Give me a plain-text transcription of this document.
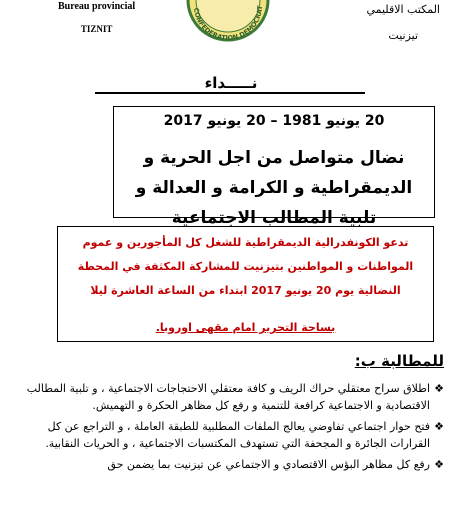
Bureau provincial
TIZNIT
CONFEDERATION DEMOCRAT	المكتب الاقليمي
تيزنيت
نـــــداء
20 يونيو 1981 – 20 يونيو 2017
نضال متواصل من اجل الحرية و الديمقراطية و الكرامة و العدالة و تلبية المطالب الاجتماعية
تدعو الكونفدرالية الديمقراطية للشغل كل المأجورين و عموم المواطنات و المواطنين بتيزنيت للمشاركة المكثفة في المحطة النضالية يوم 20 يونيو 2017 ابتداء من الساعة العاشرة ليلا
بساحة التحرير امام مقهى اوروبا.
للمطالبة ب:
❖
اطلاق سراح معتقلي حراك الريف و كافة معتقلي الاحتجاجات الاجتماعية ، و تلبية المطالب الاقتصادية و الاجتماعية كرافعة للتنمية و رفع كل مظاهر الحكرة و التهميش.
❖
فتح حوار اجتماعي تفاوضي يعالج الملفات المطلبية للطبقة العاملة ، و التراجع عن كل القرارات الجائرة و المجحفة التي تستهدف المكتسبات الاجتماعية ، و الحريات النقابية.
❖
رفع كل مظاهر البؤس الاقتصادي و الاجتماعي عن تيزنيت بما يضمن حق
